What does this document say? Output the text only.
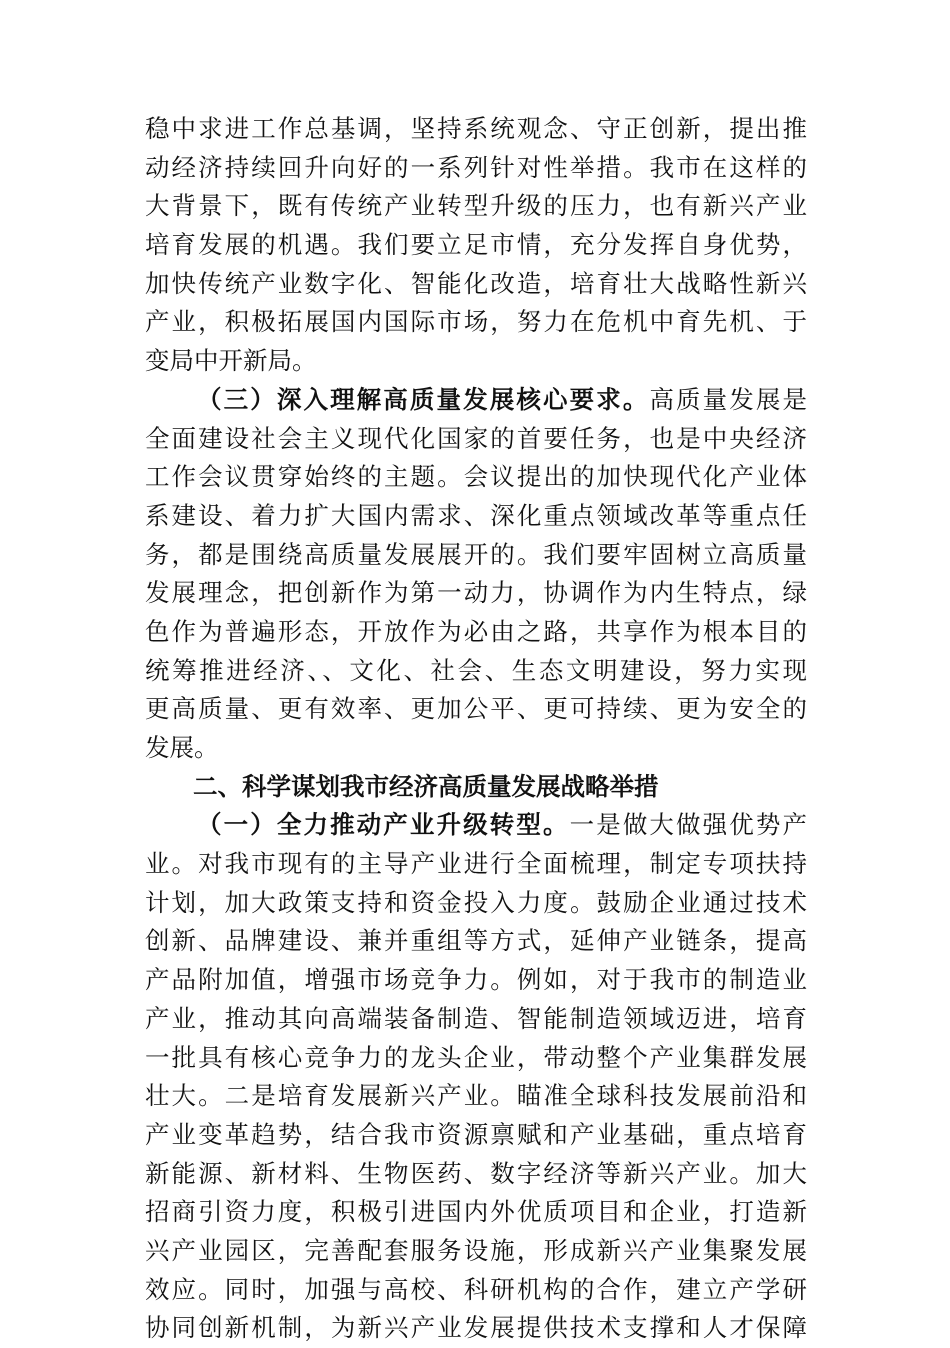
稳中求进工作总基调，坚持系统观念、守正创新，提出推
动经济持续回升向好的一系列针对性举措。我市在这样的
大背景下，既有传统产业转型升级的压力，也有新兴产业
培育发展的机遇。我们要立足市情，充分发挥自身优势，
加快传统产业数字化、智能化改造，培育壮大战略性新兴
产业，积极拓展国内国际市场，努力在危机中育先机、于
变局中开新局。
（三）深入理解高质量发展核心要求。高质量发展是
全面建设社会主义现代化国家的首要任务，也是中央经济
工作会议贯穿始终的主题。会议提出的加快现代化产业体
系建设、着力扩大国内需求、深化重点领域改革等重点任
务，都是围绕高质量发展展开的。我们要牢固树立高质量
发展理念，把创新作为第一动力，协调作为内生特点，绿
色作为普遍形态，开放作为必由之路，共享作为根本目的
统筹推进经济、、文化、社会、生态文明建设，努力实现
更高质量、更有效率、更加公平、更可持续、更为安全的
发展。
二、科学谋划我市经济高质量发展战略举措
（一）全力推动产业升级转型。一是做大做强优势产
业。对我市现有的主导产业进行全面梳理，制定专项扶持
计划，加大政策支持和资金投入力度。鼓励企业通过技术
创新、品牌建设、兼并重组等方式，延伸产业链条，提高
产品附加值，增强市场竞争力。例如，对于我市的制造业
产业，推动其向高端装备制造、智能制造领域迈进，培育
一批具有核心竞争力的龙头企业，带动整个产业集群发展
壮大。二是培育发展新兴产业。瞄准全球科技发展前沿和
产业变革趋势，结合我市资源禀赋和产业基础，重点培育
新能源、新材料、生物医药、数字经济等新兴产业。加大
招商引资力度，积极引进国内外优质项目和企业，打造新
兴产业园区，完善配套服务设施，形成新兴产业集聚发展
效应。同时，加强与高校、科研机构的合作，建立产学研
协同创新机制，为新兴产业发展提供技术支撑和人才保障
